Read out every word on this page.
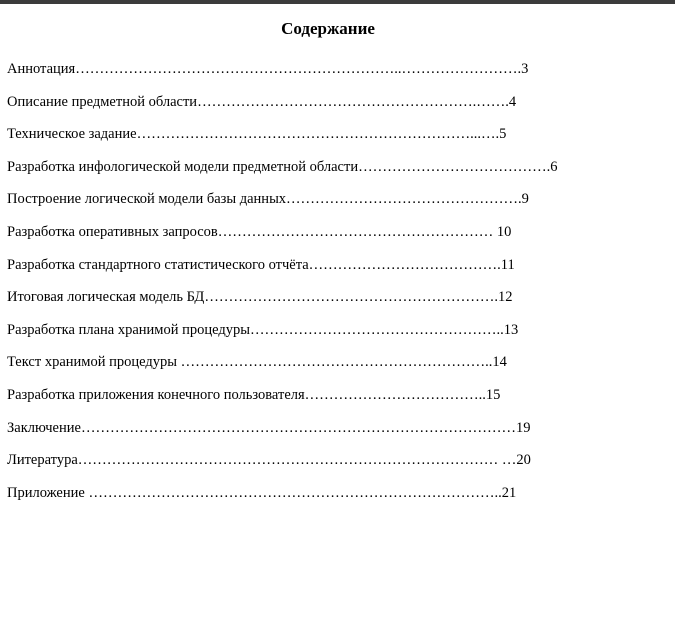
Содержание
Аннотация…………………………………………………………..…………………….3
Описание предметной области………………………………………………….…….4
Техническое задание……………………………………………………………...….5
Разработка инфологической модели предметной области………………………………….6
Построение логической модели базы данных………………………………………….9
Разработка оперативных запросов………………………………………………… 10
Разработка стандартного статистического отчёта………………………………….11
Итоговая логическая модель БД…………………………………………………….12
Разработка плана хранимой процедуры……………………………………………..13
Текст хранимой процедуры ………………………………………………………..14
Разработка приложения конечного пользователя………………………………..15
Заключение………………………………………………………………………………19
Литература…………………………………………………………………………… …20
Приложение …………………………………………………………………………..21
